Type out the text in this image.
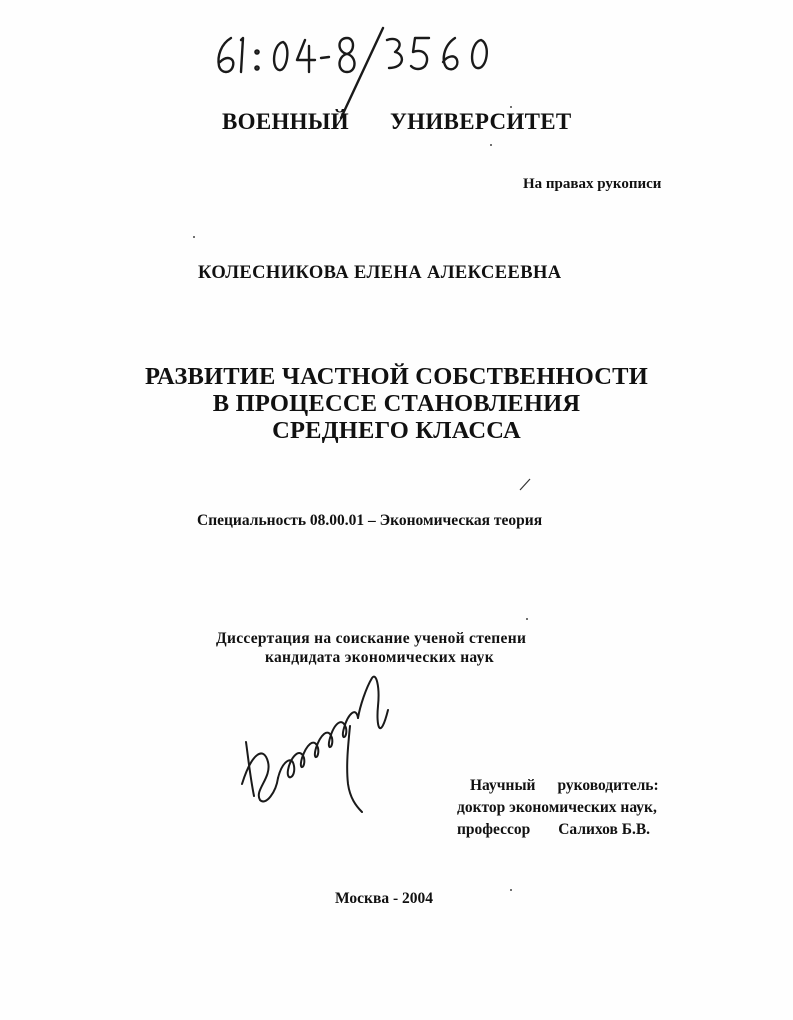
ВОЕННЫЙ УНИВЕРСИТЕТ

На правах рукописи

КОЛЕСНИКОВА ЕЛЕНА АЛЕКСЕЕВНА

РАЗВИТИЕ ЧАСТНОЙ СОБСТВЕННОСТИ

В ПРОЦЕССЕ СТАНОВЛЕНИЯ

СРЕДНЕГО КЛАССА

Специальность 08.00.01 – Экономическая теория

Диссертация на соискание ученой степени

кандидата экономических наук

Научный руководитель:

доктор экономических наук,

профессор Салихов Б.В.

Москва - 2004
